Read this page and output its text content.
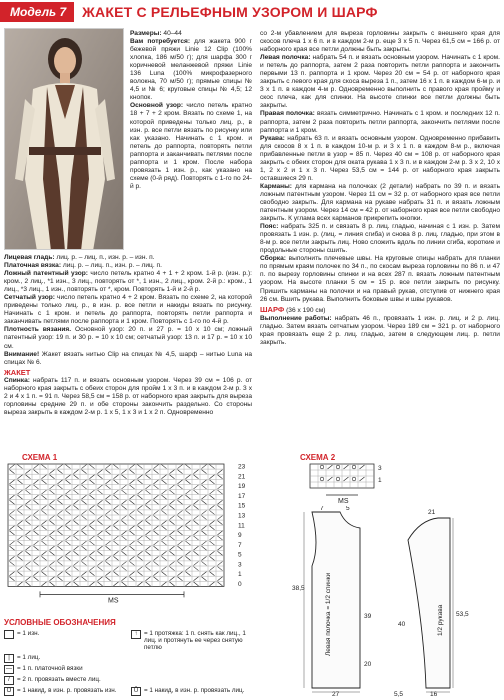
Модель 7	ЖАКЕТ С РЕЛЬЕФНЫМ УЗОРОМ И ШАРФ

Размеры: 40–44

Вам потребуется: для жакета 900 г бежевой пряжи Linie 12 Clip (100% хлопка, 186 м/50 г); для шарфа 300 г коричневой меланжевой пряжи Linie 136 Luna (100% микрофазерного волокна, 70 м/50 г); прямые спицы № 4,5 и № 6; круговые спицы № 4,5; 12 кнопок.

Основной узор: число петель кратно 18 + 7 + 2 кром. Вязать по схеме 1, на которой приведены только лиц. р., в изн. р. все петли вязать по рисунку или как указано. Начинать с 1 кром. и петель до раппорта, повторять петли раппорта и заканчивать петлями после раппорта и 1 кром. После набора провязать 1 изн. р., как указано на схеме (0-й ряд). Повторять с 1-го по 24-й р.

Лицевая гладь: лиц. р. – лиц. п., изн. р. – изн. п.

Платочная вязка: лиц. р. – лиц. п., изн. р. – лиц. п.

Ложный патентный узор: число петель кратно 4 + 1 + 2 кром. 1-й р. (изн. р.): кром., 2 лиц., *1 изн., 3 лиц., повторять от *, 1 изн., 2 лиц., кром. 2-й р.: кром., 1 лиц., *3 лиц., 1 изн., повторять от *, кром. Повторять 1-й и 2-й р.

Сетчатый узор: число петель кратно 4 + 2 кром. Вязать по схеме 2, на которой приведены только лиц. р., в изн. р. все петли и накиды вязать по рисунку. Начинать с 1 кром. и петель до раппорта, повторять петли раппорта и заканчивать петлями после раппорта и 1 кром. Повторять с 1-го по 4-й р.

Плотность вязания. Основной узор: 20 п. и 27 р. = 10 х 10 см; ложный патентный узор: 19 п. и 30 р. = 10 х 10 см; сетчатый узор: 13 п. и 17 р. = 10 х 10 см.

Внимание! Жакет вязать нитью Clip на спицах № 4,5, шарф – нитью Luna на спицах № 6.

ЖАКЕТ

Спинка: набрать 117 п. и вязать основным узором. Через 39 см = 106 р. от наборного края закрыть с обеих сторон для пройм 1 х 3 п. и в каждом 2-м р. 3 х 2 и 4 х 1 п. = 91 п. Через 58,5 см = 158 р. от наборного края закрыть для выреза горловины средние 29 п. и обе стороны закончить раздельно. Со стороны выреза закрыть в каждом 2-м р. 1 х 5, 1 х 3 и 1 х 2 п. Одновременно

со 2-м убавлением для выреза горловины закрыть с внешнего края для скосов плеча 1 х 6 п. и в каждом 2-м р. еще 3 х 5 п. Через 61,5 см = 166 р. от наборного края все петли должны быть закрыты.

Левая полочка: набрать 54 п. и вязать основным узором. Начинать с 1 кром. и петель до раппорта, затем 2 раза повторить петли раппорта и закончить первыми 13 п. раппорта и 1 кром. Через 20 см = 54 р. от наборного края закрыть с левого края для скоса выреза 1 п., затем 16 х 1 п. в каждом 6-м р. и 3 х 1 п. в каждом 4-м р. Одновременно выполнить с правого края пройму и скос плеча, как для спинки. На высоте спинки все петли должны быть закрыты.

Правая полочка: вязать симметрично. Начинать с 1 кром. и последних 12 п. раппорта, затем 2 раза повторить петли раппорта, закончить петлями после раппорта и 1 кром.

Рукава: набрать 63 п. и вязать основным узором. Одновременно прибавить для скосов 8 х 1 п. в каждом 10-м р. и 3 х 1 п. в каждом 8-м р., включая прибавленные петли в узор = 85 п. Через 40 см = 108 р. от наборного края закрыть с обеих сторон для оката рукава 1 х 3 п. и в каждом 2-м р. 3 х 2, 10 х 1, 2 х 2 и 1 х 3 п. Через 53,5 см = 144 р. от наборного края закрыть оставшиеся 29 п.

Карманы: для кармана на полочках (2 детали) набрать по 39 п. и вязать ложным патентным узором. Через 11 см = 32 р. от наборного края все петли свободно закрыть. Для кармана на рукаве набрать 31 п. и вязать ложным патентным узором. Через 14 см = 42 р. от наборного края все петли свободно закрыть. К углама всех карманов прикрепить кнопки.

Пояс: набрать 325 п. и связать 8 р. лиц. гладью, начиная с 1 изн. р. Затем провязать 1 изн. р. (лиц. = линия сгиба) и снова 8 р. лиц. гладью, при этом в 8-м р. все петли закрыть лиц. Ново сложить вдоль по линии сгиба, короткие и продольные стороны сшить.

Сборка: выполнить плечевые швы. На круговые спицы набрать для планки по прямым краям полочек по 34 п., по скосам выреза горловины по 86 п. и 47 п. по вырезу горловины спинки и на всех 287 п. вязать ложным патентным узором. На высоте планки 5 см = 15 р. все петли закрыть по рисунку. Пришить карманы на полочки и на правый рукав, отступив от нижнего края 26 см. Вшить рукава. Выполнить боковые швы и швы рукавов.

ШАРФ (36 х 190 см)

Выполнение работы: набрать 46 п., провязать 1 изн. р. лиц. и 2 р. лиц. гладью. Затем вязать сетчатым узором. Через 189 см = 321 р. от наборного края провязать еще 2 р. лиц. гладью, затем в следующем лиц. р. петли закрыть.

СХЕМА 1
23
21
19
17
15
13
11
9
7
5
3
1
0
MS
СХЕМА 2
3
1
MS
Левая полочка = 1/2 спинки
27
38,5
39
20
7	5
1/2 рукава
40
53,5
16
21
5,5
УСЛОВНЫЕ ОБОЗНАЧЕНИЯ
= 1 изн.	↑	= 1 протяжка: 1 п. снять как лиц., 1 лиц. и протянуть ее через снятую петлю
|	= 1 лиц.
— = 1 п. платочной вязки
/	= 2 п. провязать вместе лиц.
O = 1 накид, в изн. р. провязать изн.	Ū = 1 накид, в изн. р. провязать лиц.
